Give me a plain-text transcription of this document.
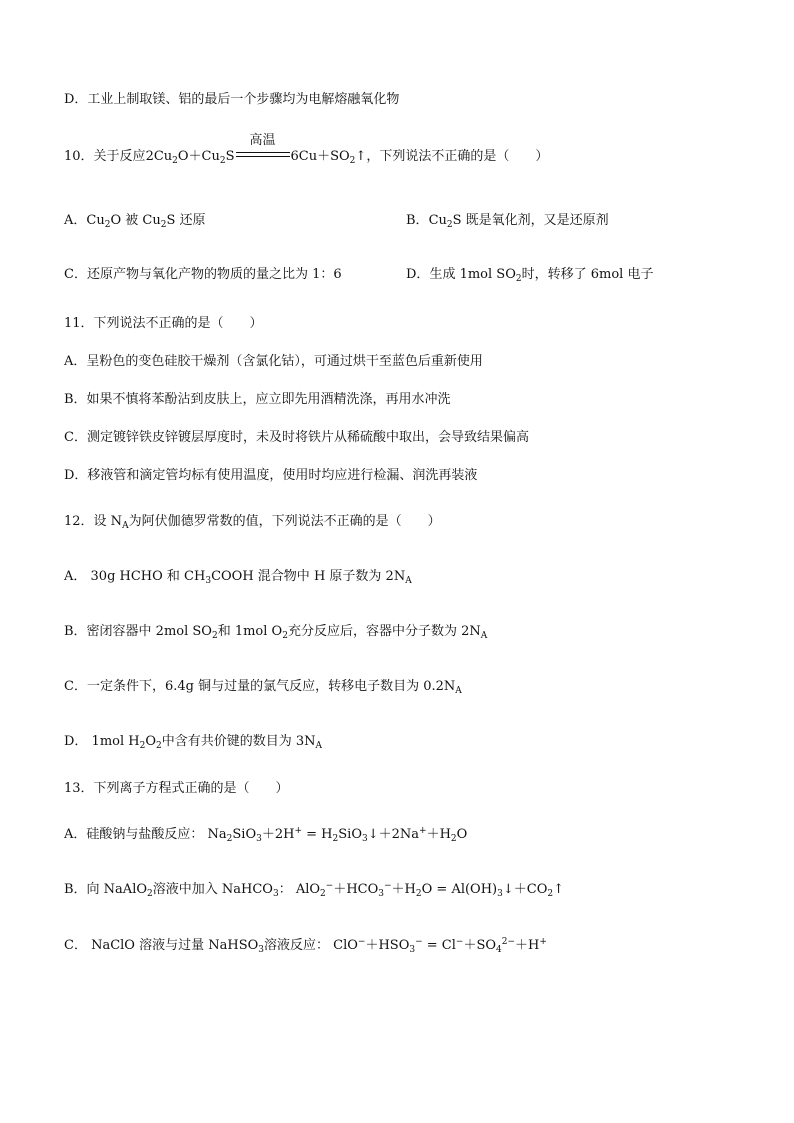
D．工业上制取镁、铝的最后一个步骤均为电解熔融氧化物
10．关于反应$2Cu_2O+Cu_2S$
高温
$6Cu+SO_2↑$，下列说法不正确的是（　　）
A．$Cu_2O$ 被 $Cu_2S$ 还原	B．$Cu_2S$ 既是氧化剂，又是还原剂
C．还原产物与氧化产物的物质的量之比为 1：6	D．生成 1mol $SO_2$时，转移了 6mol 电子
11．下列说法不正确的是（　　）
A．呈粉色的变色硅胶干燥剂（含氯化钴），可通过烘干至蓝色后重新使用
B．如果不慎将苯酚沾到皮肤上，应立即先用酒精洗涤，再用水冲洗
C．测定镀锌铁皮锌镀层厚度时，未及时将铁片从稀硫酸中取出，会导致结果偏高
D．移液管和滴定管均标有使用温度，使用时均应进行检漏、润洗再装液
12．设 $N_A$为阿伏伽德罗常数的值，下列说法不正确的是（　　）
A． 30g HCHO 和 $CH_3COOH$ 混合物中 H 原子数为 $2N_A$
B．密闭容器中 2mol $SO_2$和 1mol $O_2$充分反应后，容器中分子数为 $2N_A$
C．一定条件下，6.4g 铜与过量的氯气反应，转移电子数目为 $0.2N_A$
D． 1mol $H_2O_2$中含有共价键的数目为 $3N_A$
13．下列离子方程式正确的是（　　）
A．硅酸钠与盐酸反应： $Na_2SiO_3+2H^+$ = $H_2SiO_3↓+2Na^++H_2O$
B．向 NaAlO$_2$溶液中加入 NaHCO$_3$： $AlO_2^-+HCO_3^-+H_2O$ = $Al(OH)_3↓+CO_2↑$
C． NaClO 溶液与过量 NaHSO$_3$溶液反应： $ClO^-+HSO_3^- = Cl^-+SO_4^{2-}+H^+$
